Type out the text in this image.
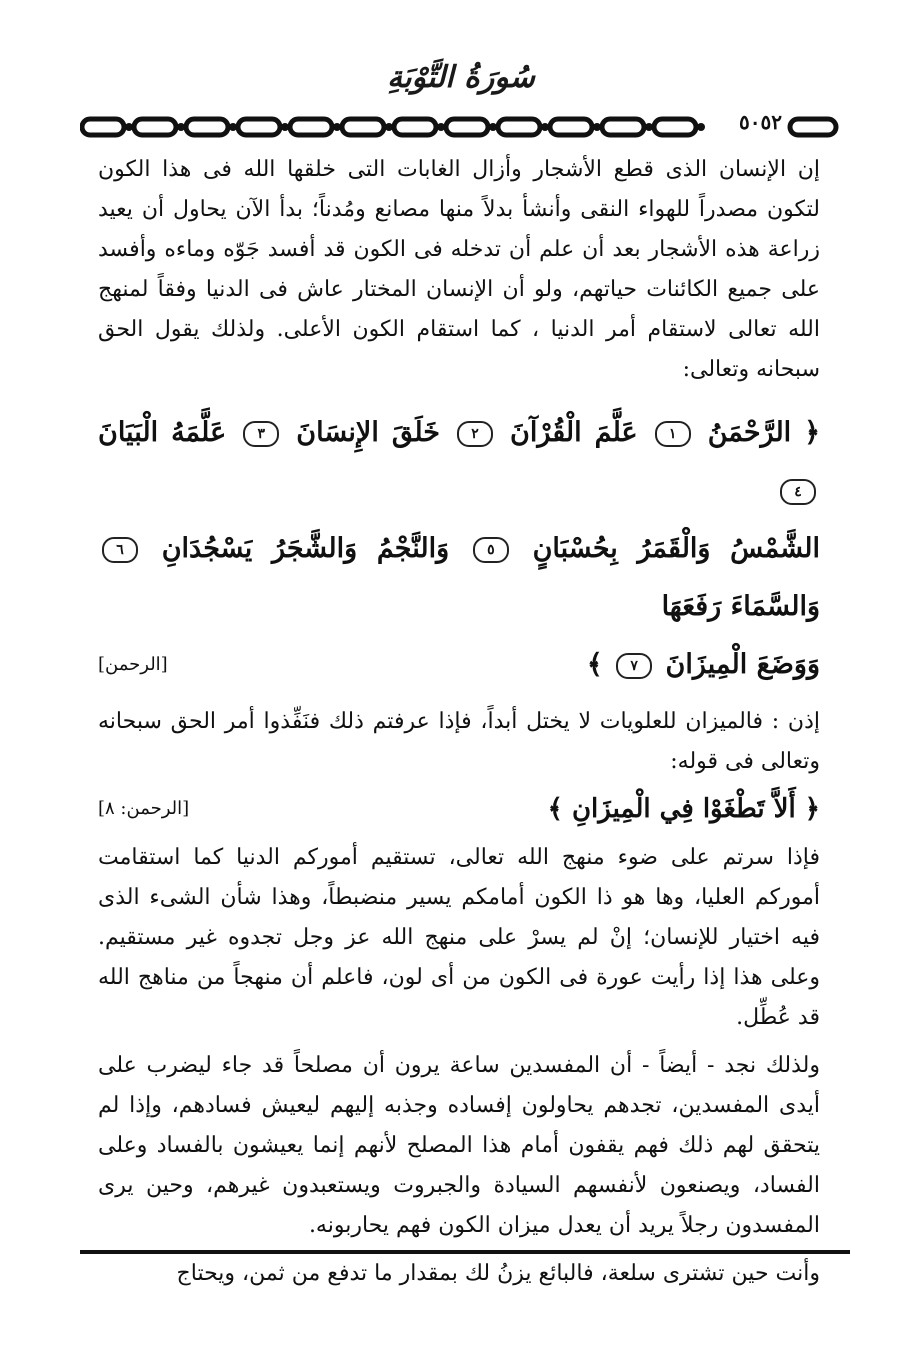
سُورَةُ التَّوْبَةِ
٥٠٥٢

إن الإنسان الذى قطع الأشجار وأزال الغابات التى خلقها الله فى هذا الكون لتكون مصدراً للهواء النقى وأنشأ بدلاً منها مصانع ومُدناً؛ بدأ الآن يحاول أن يعيد زراعة هذه الأشجار بعد أن علم أن تدخله فى الكون قد أفسد جَوّه وماءه وأفسد على جميع الكائنات حياتهم، ولو أن الإنسان المختار عاش فى الدنيا وفقاً لمنهج الله تعالى لاستقام أمر الدنيا ، كما استقام الكون الأعلى. ولذلك يقول الحق سبحانه وتعالى:

﴿ الرَّحْمَنُ ١ عَلَّمَ الْقُرْآنَ ٢ خَلَقَ الإِنسَانَ ٣ عَلَّمَهُ الْبَيَانَ ٤
الشَّمْسُ وَالْقَمَرُ بِحُسْبَانٍ ٥ وَالنَّجْمُ وَالشَّجَرُ يَسْجُدَانِ ٦ وَالسَّمَاءَ رَفَعَهَا
وَوَضَعَ الْمِيزَانَ ٧ ﴾
[الرحمن]

إذن : فالميزان للعلويات لا يختل أبداً، فإذا عرفتم ذلك فنَفِّذوا أمر الحق سبحانه وتعالى فى قوله:

﴿ أَلاَّ تَطْغَوْا فِي الْمِيزَانِ ﴾
[الرحمن: ٨]

فإذا سرتم على ضوء منهج الله تعالى، تستقيم أموركم الدنيا كما استقامت أموركم العليا، وها هو ذا الكون أمامكم يسير منضبطاً، وهذا شأن الشىء الذى فيه اختيار للإنسان؛ إنْ لم يسرْ على منهج الله عز وجل تجدوه غير مستقيم. وعلى هذا إذا رأيت عورة فى الكون من أى لون، فاعلم أن منهجاً من مناهج الله قد عُطِّل.

ولذلك نجد - أيضاً - أن المفسدين ساعة يرون أن مصلحاً قد جاء ليضرب على أيدى المفسدين، تجدهم يحاولون إفساده وجذبه إليهم ليعيش فسادهم، وإذا لم يتحقق لهم ذلك فهم يقفون أمام هذا المصلح لأنهم إنما يعيشون بالفساد وعلى الفساد، ويصنعون لأنفسهم السيادة والجبروت ويستعبدون غيرهم، وحين يرى المفسدون رجلاً يريد أن يعدل ميزان الكون فهم يحاربونه.

وأنت حين تشترى سلعة، فالبائع يزنُ لك بمقدار ما تدفع من ثمن، ويحتاج
